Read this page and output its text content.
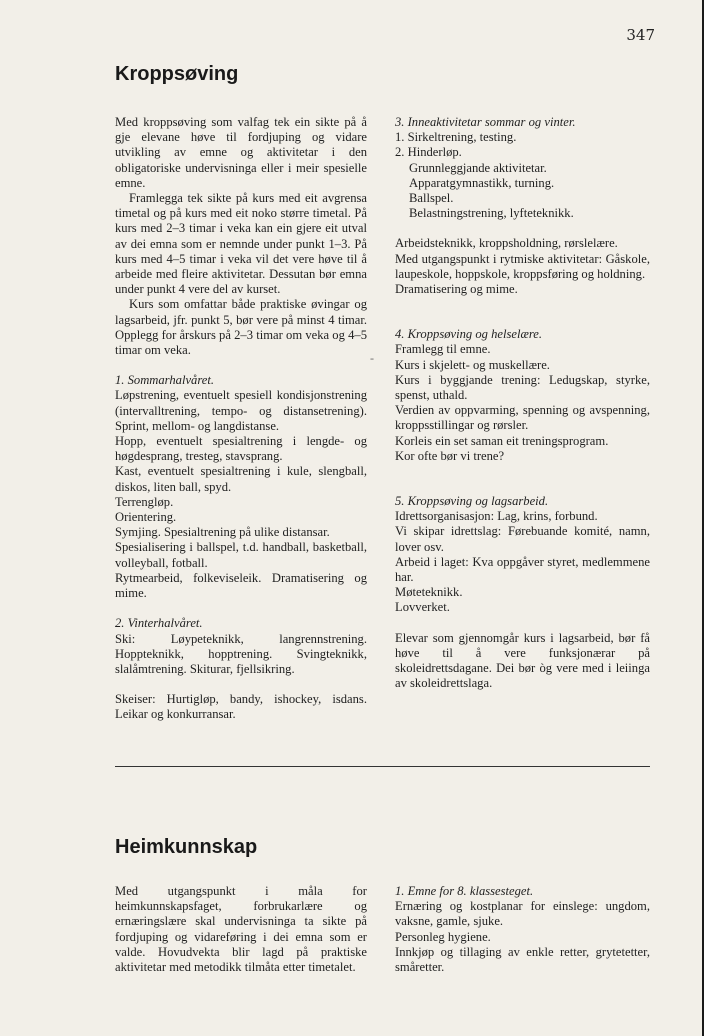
347
Kroppsøving

Med kroppsøving som valfag tek ein sikte på å gje elevane høve til fordjuping og vidare utvikling av emne og aktivitetar i den obligatoriske undervisninga eller i meir spesielle emne.

Framlegga tek sikte på kurs med eit avgrensa timetal og på kurs med eit noko større timetal. På kurs med 2–3 timar i veka kan ein gjere eit utval av dei emna som er nemnde under punkt 1–3. På kurs med 4–5 timar i veka vil det vere høve til å arbeide med fleire aktivitetar. Dessutan bør emna under punkt 4 vere del av kurset.

Kurs som omfattar både praktiske øvingar og lagsarbeid, jfr. punkt 5, bør vere på minst 4 timar. Opplegg for årskurs på 2–3 timar om veka og 4–5 timar om veka.

1. Sommarhalvåret.

Løpstrening, eventuelt spesiell kondisjonstrening (intervalltrening, tempo- og distansetrening). Sprint, mellom- og langdistanse.

Hopp, eventuelt spesialtrening i lengde- og høgdesprang, tresteg, stavsprang.

Kast, eventuelt spesialtrening i kule, slengball, diskos, liten ball, spyd.

Terrengløp.

Orientering.

Symjing. Spesialtrening på ulike distansar.

Spesialisering i ballspel, t.d. handball, basketball, volleyball, fotball.

Rytmearbeid, folkeviseleik. Dramatisering og mime.

2. Vinterhalvåret.

Ski: Løypeteknikk, langrennstrening. Hoppteknikk, hopptrening. Svingteknikk, slalåmtrening. Skiturar, fjellsikring.

Skeiser: Hurtigløp, bandy, ishockey, isdans. Leikar og konkurransar.

-

3. Inneaktivitetar sommar og vinter.

1. Sirkeltrening, testing.

2. Hinderløp.

Grunnleggjande aktivitetar.

Apparatgymnastikk, turning.

Ballspel.

Belastningstrening, lyfteteknikk.

Arbeidsteknikk, kroppsholdning, rørslelære.

Med utgangspunkt i rytmiske aktivitetar: Gåskole, laupeskole, hoppskole, kroppsføring og holdning.

Dramatisering og mime.

4. Kroppsøving og helselære.

Framlegg til emne.

Kurs i skjelett- og muskellære.

Kurs i byggjande trening: Ledugskap, styrke, spenst, uthald.

Verdien av oppvarming, spenning og avspenning, kroppsstillingar og rørsler.

Korleis ein set saman eit treningsprogram.

Kor ofte bør vi trene?

5. Kroppsøving og lagsarbeid.

Idrettsorganisasjon: Lag, krins, forbund.

Vi skipar idrettslag: Førebuande komité, namn, lover osv.

Arbeid i laget: Kva oppgåver styret, medlemmene har.

Møteteknikk.

Lovverket.

Elevar som gjennomgår kurs i lagsarbeid, bør få høve til å vere funksjonærar på skoleidrettsdagane. Dei bør òg vere med i leiinga av skoleidrettslaga.

Heimkunnskap

Med utgangspunkt i måla for heimkunnskapsfaget, forbrukarlære og ernæringslære skal undervisninga ta sikte på fordjuping og vidareføring i dei emna som er valde. Hovudvekta blir lagd på praktiske aktivitetar med metodikk tilmåta etter timetalet.

1. Emne for 8. klassesteget.

Ernæring og kostplanar for einslege: ungdom, vaksne, gamle, sjuke.

Personleg hygiene.

Innkjøp og tillaging av enkle retter, grytetetter, småretter.
